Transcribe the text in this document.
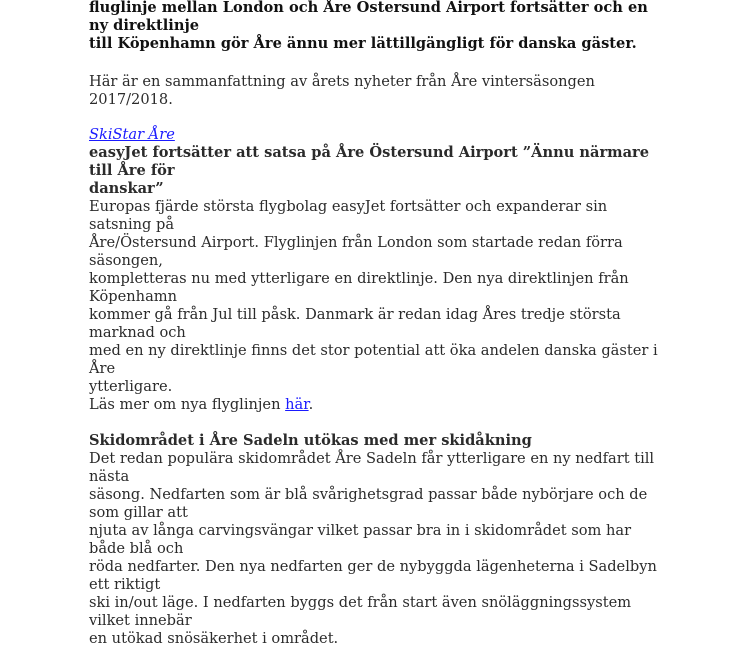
fluglinje mellan London och Åre Östersund Airport fortsätter och en ny direktlinje
till Köpenhamn gör Åre ännu mer lättillgängligt för danska gäster.

Här är en sammanfattning av årets nyheter från Åre vintersäsongen 2017/2018.

SkiStar Åre

easyJet fortsätter att satsa på Åre Östersund Airport ”Ännu närmare till Åre för
danskar”

Europas fjärde största flygbolag easyJet fortsätter och expanderar sin satsning på
Åre/Östersund Airport. Flyglinjen från London som startade redan förra säsongen,
kompletteras nu med ytterligare en direktlinje. Den nya direktlinjen från Köpenhamn
kommer gå från Jul till påsk. Danmark är redan idag Åres tredje största marknad och
med en ny direktlinje finns det stor potential att öka andelen danska gäster i Åre
ytterligare.
Läs mer om nya flyglinjen här.

Skidområdet i Åre Sadeln utökas med mer skidåkning

Det redan populära skidområdet Åre Sadeln får ytterligare en ny nedfart till nästa
säsong. Nedfarten som är blå svårighetsgrad passar både nybörjare och de som gillar att
njuta av långa carvingsvängar vilket passar bra in i skidområdet som har både blå och
röda nedfarter. Den nya nedfarten ger de nybyggda lägenheterna i Sadelbyn ett riktigt
ski in/out läge. I nedfarten byggs det från start även snöläggningssystem vilket innebär
en utökad snösäkerhet i området.
